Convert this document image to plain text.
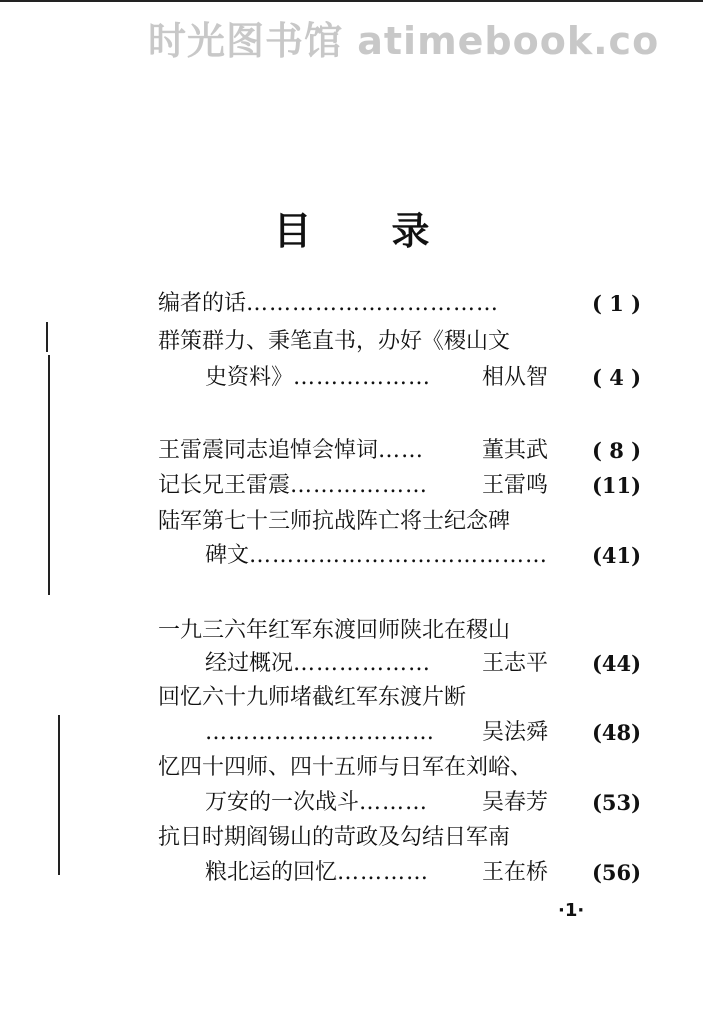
时光图书馆 atimebook.co
目录
编者的话……………………………	( 1 )
群策群力、秉笔直书，办好《稷山文
史资料》……………… 相从智 ( 4 )
王雷震同志追悼会悼词……	董其武 ( 8 )
记长兄王雷震……………… 王雷鸣 (11)
陆军第七十三师抗战阵亡将士纪念碑
碑文………………………………… (41)
一九三六年红军东渡回师陕北在稷山
经过概况……………… 王志平 (44)
回忆六十九师堵截红军东渡片断
………………………… 吴法舜 (48)
忆四十四师、四十五师与日军在刘峪、
万安的一次战斗……… 吴春芳 (53)
抗日时期阎锡山的苛政及勾结日军南
粮北运的回忆………… 王在桥 (56)
·1·
